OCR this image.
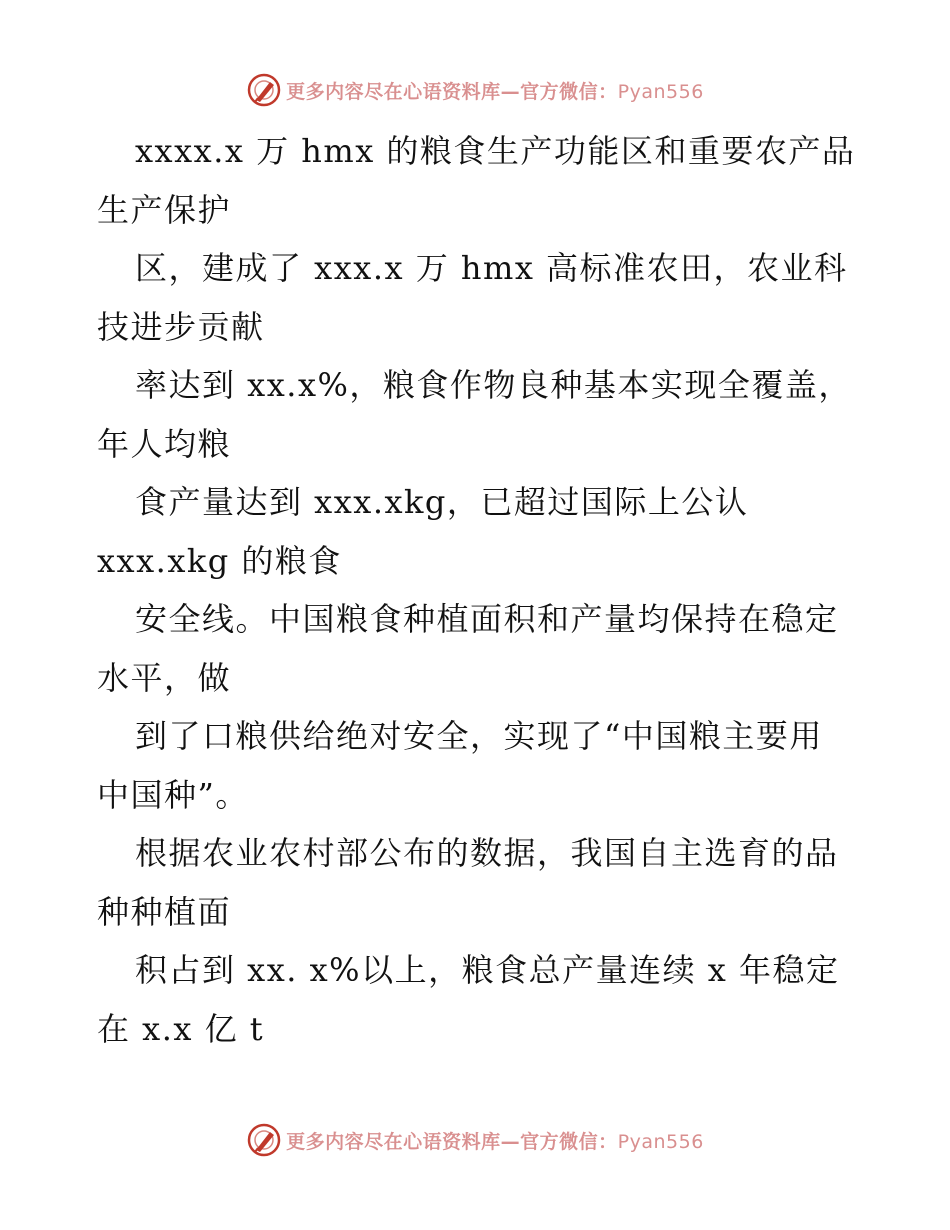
更多内容尽在心语资料库—官方微信：Pyan556
xxxx.x 万 hmx 的粮食生产功能区和重要农产品
生产保护
区，建成了 xxx.x 万 hmx 高标准农田，农业科
技进步贡献
率达到 xx.x%，粮食作物良种基本实现全覆盖，
年人均粮
食产量达到 xxx.xkg，已超过国际上公认
xxx.xkg 的粮食
安全线。中国粮食种植面积和产量均保持在稳定
水平，做
到了口粮供给绝对安全，实现了“中国粮主要用
中国种”。
根据农业农村部公布的数据，我国自主选育的品
种种植面
积占到 xx. x%以上，粮食总产量连续 x 年稳定
在 x.x 亿 t
更多内容尽在心语资料库—官方微信：Pyan556
